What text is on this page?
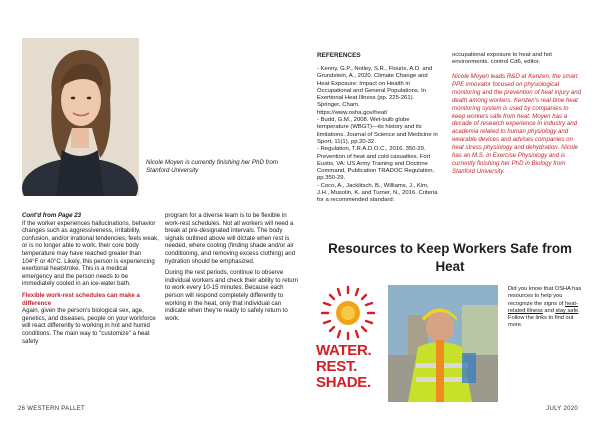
Nicole Moyen is currently finishing her PhD from Stanford University

Cont'd from Page 23
If the worker experiences hallucinations, behavior changes such as aggressiveness, irritability, confusion, and/or irrational tendencies, feels weak, or is no longer able to work, their core body temperature may have reached greater than 104°F or 40°C. Likely, this person is experiencing exertional heatstroke. This is a medical emergency and the person needs to be immediately cooled in an ice-water bath.

Flexible work-rest schedules can make a difference
Again, given the person's biological sex, age, genetics, and diseases, people on your workforce will react differently to working in hot and humid conditions. The main way to "customize" a heat safety

program for a diverse team is to be flexible in work-rest schedules. Not all workers will need a break at pre-designated intervals. The body signals outlined above will dictate when rest is needed, where cooling (finding shade and/or air conditioning, and removing excess clothing) and hydration should be emphasized.

During the rest periods, continue to observe individual workers and check their ability to return to work every 10-15 minutes. Because each person will respond completely differently to working in the heat, only that individual can indicate when they're ready to safely return to work.

REFERENCES
- Kenny, G.P., Notley, S.R., Flouris, A.D. and Grundstein, A., 2020. Climate Change and Heat Exposure: Impact on Health in Occupational and General Populations. In Exertional Heat Illness (pp. 225-261). Springer, Cham.
https://www.osha.gov/heat/
- Budd, G.M., 2008. Wet-bulb globe temperature (WBGT)—its history and its limitations. Journal of Science and Medicine in Sport, 11(1), pp.20-32.
- Regulation, T.R.A.D.O.C., 2016. 350-29. Prevention of heat and cold casualties. Fort Eustis, VA: US Army Training and Doctrine Command, Publication TRADOC Regulation, pp.350-29.
- Coco, A., Jacklitsch, B., Williams, J., Kim, J.H., Musolin, K. and Turner, N., 2016. Criteria for a recommended standard:
occupational exposure to heat and hot environments. control Cd6, editor.
Nicole Moyen leads R&D at Kenzen, the smart PPE innovator focused on physiological monitoring and the prevention of heat injury and death among workers. Kenzen's real-time heat monitoring system is used by companies to keep workers safe from heat. Moyen has a decade of research experience in industry and academia related to human physiology and wearable devices and advises companies on heat stress physiology and dehydration. Nicole has an M.S. in Exercise Physiology and is currently finishing her PhD in Biology from Stanford University.
Resources to Keep Workers Safe from Heat
WATER.
REST.
SHADE.
Did you know that OSHA has resources to help you recognize the signs of heat-related illness and stay safe. Follow the links to find out more.
26 WESTERN PALLET	JULY 2020
